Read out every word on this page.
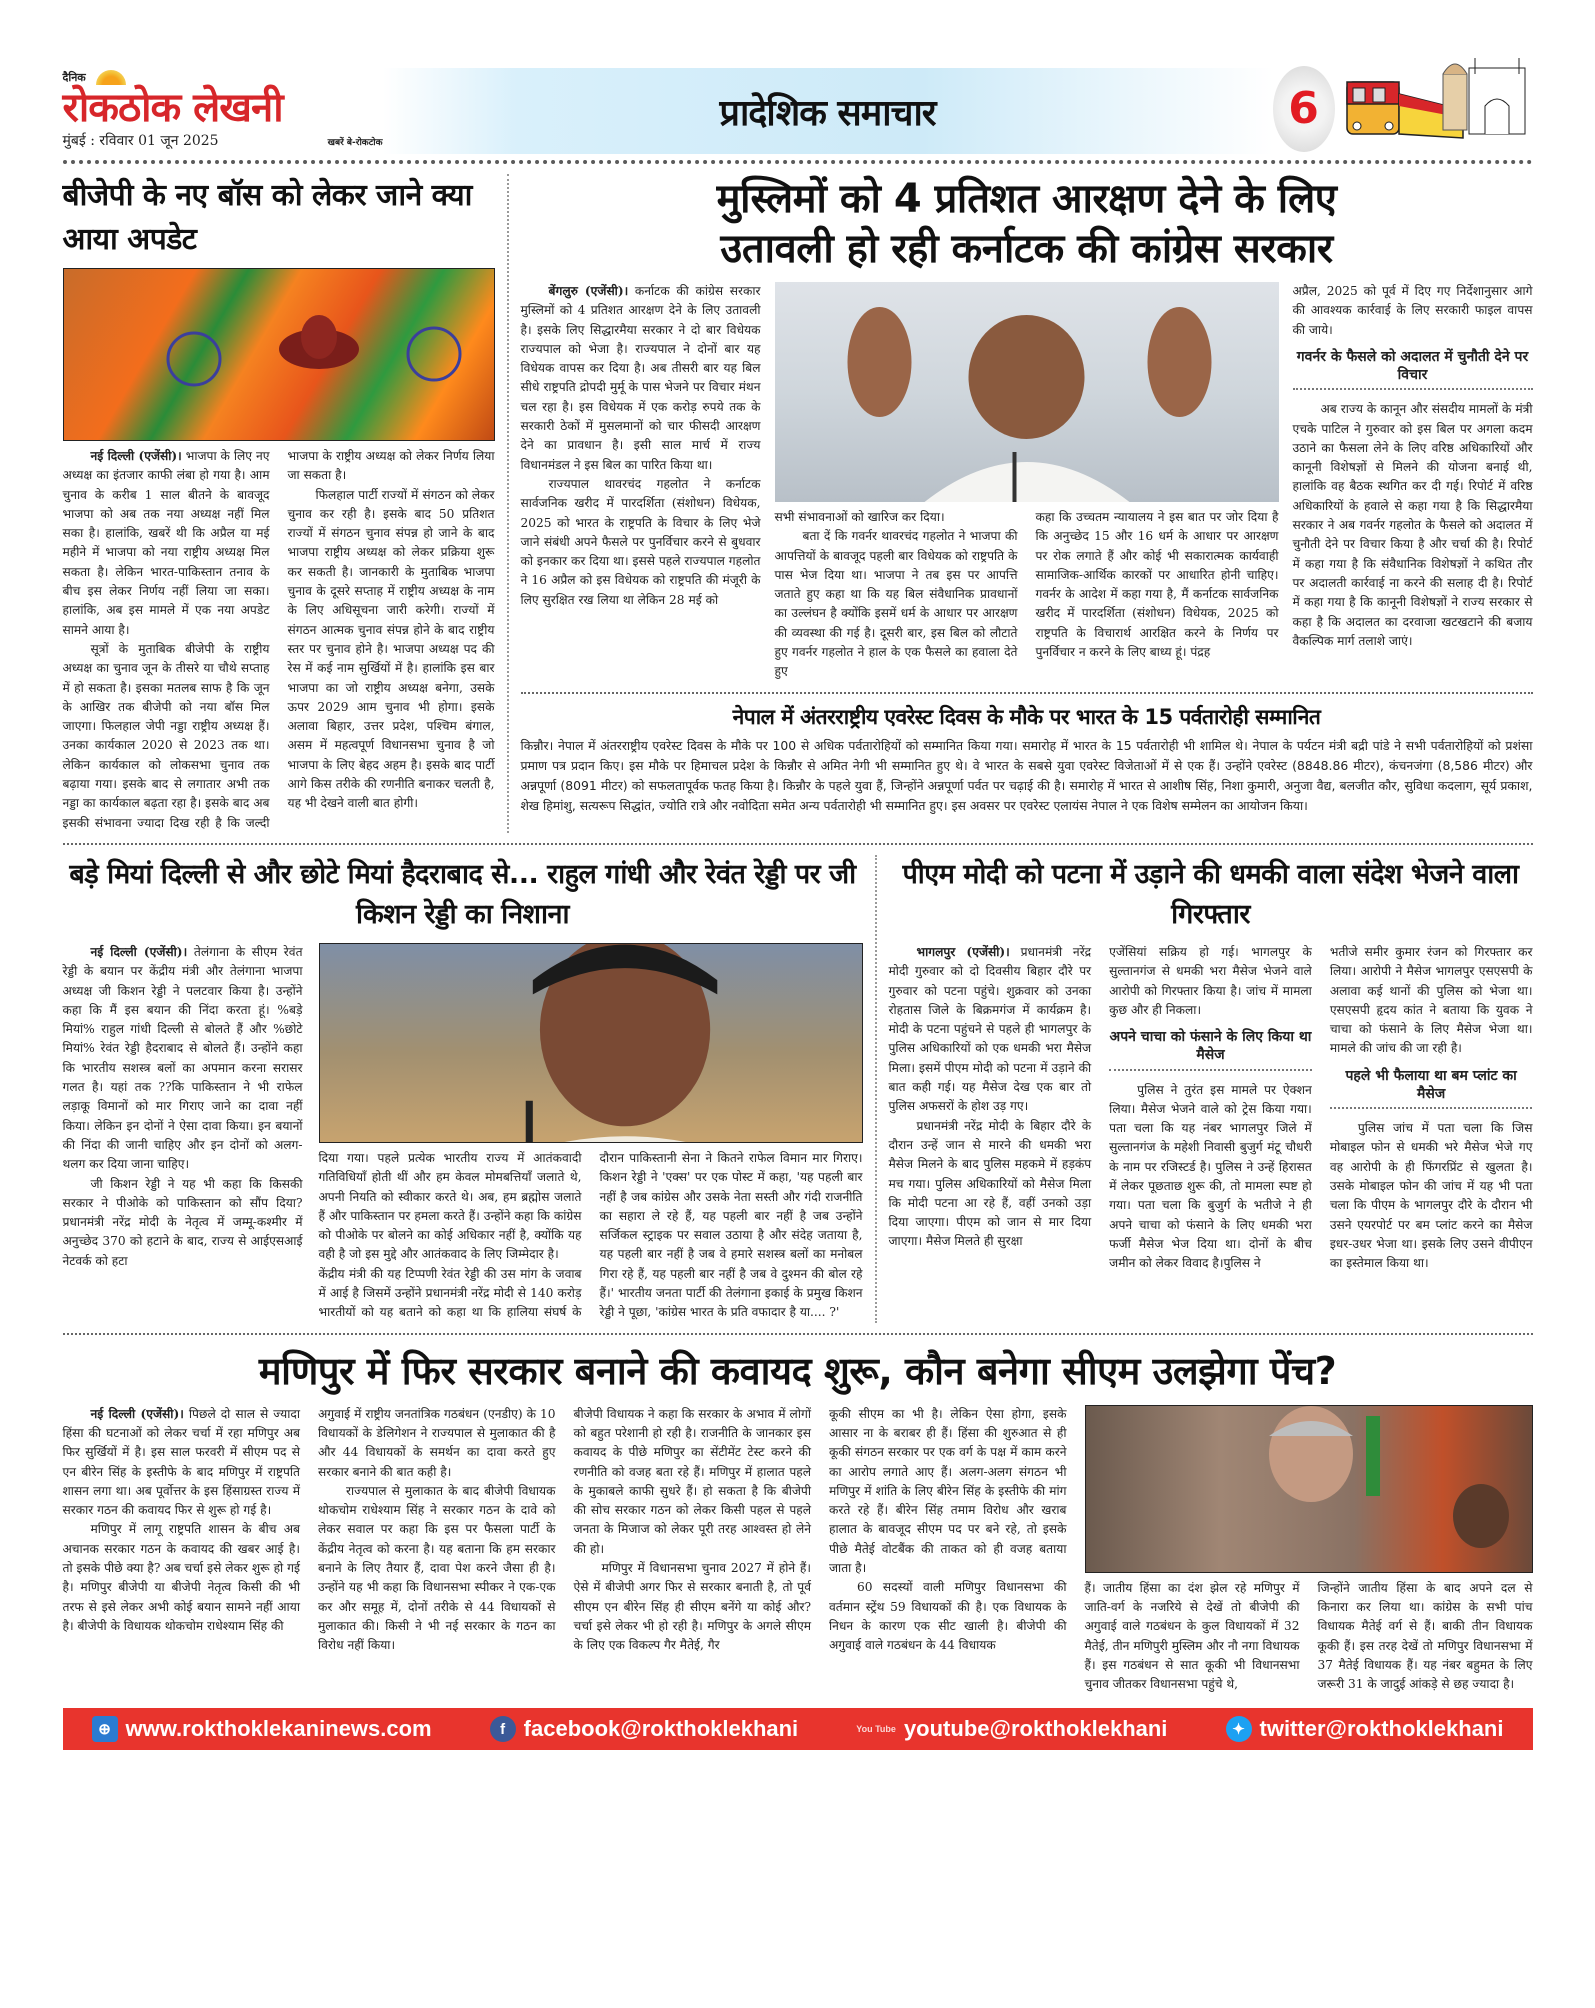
दैनिक
रोकठोक लेखनी
मुंबई : रविवार 01 जून 2025	खबरें बे-रोकटोक
प्रादेशिक समाचार	6
बीजेपी के नए बॉस को लेकर जाने क्या आया अपडेट

नई दिल्ली (एजेंसी)। भाजपा के लिए नए अध्यक्ष का इंतजार काफी लंबा हो गया है। आम चुनाव के करीब 1 साल बीतने के बावजूद भाजपा को अब तक नया अध्यक्ष नहीं मिल सका है। हालांकि, खबरें थी कि अप्रैल या मई महीने में भाजपा को नया राष्ट्रीय अध्यक्ष मिल सकता है। लेकिन भारत-पाकिस्तान तनाव के बीच इस लेकर निर्णय नहीं लिया जा सका। हालांकि, अब इस मामले में एक नया अपडेट सामने आया है।

सूत्रों के मुताबिक बीजेपी के राष्ट्रीय अध्यक्ष का चुनाव जून के तीसरे या चौथे सप्ताह में हो सकता है। इसका मतलब साफ है कि जून के आखिर तक बीजेपी को नया बॉस मिल जाएगा। फिलहाल जेपी नड्डा राष्ट्रीय अध्यक्ष हैं। उनका कार्यकाल 2020 से 2023 तक था। लेकिन कार्यकाल को लोकसभा चुनाव तक बढ़ाया गया। इसके बाद से लगातार अभी तक नड्डा का कार्यकाल बढ़ता रहा है। इसके बाद अब इसकी संभावना ज्यादा दिख रही है कि जल्दी भाजपा के राष्ट्रीय अध्यक्ष को लेकर निर्णय लिया जा सकता है।

फिलहाल पार्टी राज्यों में संगठन को लेकर चुनाव कर रही है। इसके बाद 50 प्रतिशत राज्यों में संगठन चुनाव संपन्न हो जाने के बाद भाजपा राष्ट्रीय अध्यक्ष को लेकर प्रक्रिया शुरू कर सकती है। जानकारी के मुताबिक भाजपा चुनाव के दूसरे सप्ताह में राष्ट्रीय अध्यक्ष के नाम के लिए अधिसूचना जारी करेगी। राज्यों में संगठन आत्मक चुनाव संपन्न होने के बाद राष्ट्रीय स्तर पर चुनाव होने है। भाजपा अध्यक्ष पद की रेस में कई नाम सुर्खियों में है। हालांकि इस बार भाजपा का जो राष्ट्रीय अध्यक्ष बनेगा, उसके ऊपर 2029 आम चुनाव भी होगा। इसके अलावा बिहार, उत्तर प्रदेश, पश्चिम बंगाल, असम में महत्वपूर्ण विधानसभा चुनाव है जो भाजपा के लिए बेहद अहम है। इसके बाद पार्टी आगे किस तरीके की रणनीति बनाकर चलती है, यह भी देखने वाली बात होगी।

मुस्लिमों को 4 प्रतिशत आरक्षण देने के लिए
उतावली हो रही कर्नाटक की कांग्रेस सरकार

बेंगलुरु (एजेंसी)। कर्नाटक की कांग्रेस सरकार मुस्लिमों को 4 प्रतिशत आरक्षण देने के लिए उतावली है। इसके लिए सिद्धारमैया सरकार ने दो बार विधेयक राज्यपाल को भेजा है। राज्यपाल ने दोनों बार यह विधेयक वापस कर दिया है। अब तीसरी बार यह बिल सीधे राष्ट्रपति द्रोपदी मुर्मू के पास भेजने पर विचार मंथन चल रहा है। इस विधेयक में एक करोड़ रुपये तक के सरकारी ठेकों में मुसलमानों को चार फीसदी आरक्षण देने का प्रावधान है। इसी साल मार्च में राज्य विधानमंडल ने इस बिल का पारित किया था।

राज्यपाल थावरचंद गहलोत ने कर्नाटक सार्वजनिक खरीद में पारदर्शिता (संशोधन) विधेयक, 2025 को भारत के राष्ट्रपति के विचार के लिए भेजे जाने संबंधी अपने फैसले पर पुनर्विचार करने से बुधवार को इनकार कर दिया था। इससे पहले राज्यपाल गहलोत ने 16 अप्रैल को इस विधेयक को राष्ट्रपति की मंजूरी के लिए सुरक्षित रख लिया था लेकिन 28 मई को

सभी संभावनाओं को खारिज कर दिया।

बता दें कि गवर्नर थावरचंद गहलोत ने भाजपा की आपत्तियों के बावजूद पहली बार विधेयक को राष्ट्रपति के पास भेज दिया था। भाजपा ने तब इस पर आपत्ति जताते हुए कहा था कि यह बिल संवैधानिक प्रावधानों का उल्लंघन है क्योंकि इसमें धर्म के आधार पर आरक्षण की व्यवस्था की गई है। दूसरी बार, इस बिल को लौटाते हुए गवर्नर गहलोत ने हाल के एक फैसले का हवाला देते हुए

कहा कि उच्चतम न्यायालय ने इस बात पर जोर दिया है कि अनुच्छेद 15 और 16 धर्म के आधार पर आरक्षण पर रोक लगाते हैं और कोई भी सकारात्मक कार्यवाही सामाजिक-आर्थिक कारकों पर आधारित होनी चाहिए।गवर्नर के आदेश में कहा गया है, मैं कर्नाटक सार्वजनिक खरीद में पारदर्शिता (संशोधन) विधेयक, 2025 को राष्ट्रपति के विचारार्थ आरक्षित करने के निर्णय पर पुनर्विचार न करने के लिए बाध्य हूं। पंद्रह

अप्रैल, 2025 को पूर्व में दिए गए निर्देशानुसार आगे की आवश्यक कार्रवाई के लिए सरकारी फाइल वापस की जाये।

गवर्नर के फैसले को अदालत में चुनौती देने पर विचार

अब राज्य के कानून और संसदीय मामलों के मंत्री एचके पाटिल ने गुरुवार को इस बिल पर अगला कदम उठाने का फैसला लेने के लिए वरिष्ठ अधिकारियों और कानूनी विशेषज्ञों से मिलने की योजना बनाई थी, हालांकि वह बैठक स्थगित कर दी गई। रिपोर्ट में वरिष्ठ अधिकारियों के हवाले से कहा गया है कि सिद्धारमैया सरकार ने अब गवर्नर गहलोत के फैसले को अदालत में चुनौती देने पर विचार किया है और चर्चा की है। रिपोर्ट में कहा गया है कि संवैधानिक विशेषज्ञों ने कथित तौर पर अदालती कार्रवाई ना करने की सलाह दी है। रिपोर्ट में कहा गया है कि कानूनी विशेषज्ञों ने राज्य सरकार से कहा है कि अदालत का दरवाजा खटखटाने की बजाय वैकल्पिक मार्ग तलाशे जाएं।

नेपाल में अंतरराष्ट्रीय एवरेस्ट दिवस के मौके पर भारत के 15 पर्वतारोही सम्मानित

किन्नौर। नेपाल में अंतरराष्ट्रीय एवरेस्ट दिवस के मौके पर 100 से अधिक पर्वतारोहियों को सम्मानित किया गया। समारोह में भारत के 15 पर्वतारोही भी शामिल थे। नेपाल के पर्यटन मंत्री बद्री पांडे ने सभी पर्वतारोहियों को प्रशंसा प्रमाण पत्र प्रदान किए। इस मौके पर हिमाचल प्रदेश के किन्नौर से अमित नेगी भी सम्मानित हुए थे। वे भारत के सबसे युवा एवरेस्ट विजेताओं में से एक हैं। उन्होंने एवरेस्ट (8848.86 मीटर), कंचनजंगा (8,586 मीटर) और अन्नपूर्णा (8091 मीटर) को सफलतापूर्वक फतह किया है। किन्नौर के पहले युवा हैं, जिन्होंने अन्नपूर्णा पर्वत पर चढ़ाई की है। समारोह में भारत से आशीष सिंह, निशा कुमारी, अनुजा वैद्य, बलजीत कौर, सुविधा कदलाग, सूर्य प्रकाश, शेख हिमांशु, सत्यरूप सिद्धांत, ज्योति रात्रे और नवोदिता समेत अन्य पर्वतारोही भी सम्मानित हुए। इस अवसर पर एवरेस्ट एलायंस नेपाल ने एक विशेष सम्मेलन का आयोजन किया।

बड़े मियां दिल्ली से और छोटे मियां हैदराबाद से... राहुल गांधी और रेवंत रेड्डी पर जी किशन रेड्डी का निशाना

नई दिल्ली (एजेंसी)। तेलंगाना के सीएम रेवंत रेड्डी के बयान पर केंद्रीय मंत्री और तेलंगाना भाजपा अध्यक्ष जी किशन रेड्डी ने पलटवार किया है। उन्होंने कहा कि मैं इस बयान की निंदा करता हूं। %बड़े मियां% राहुल गांधी दिल्ली से बोलते हैं और %छोटे मियां% रेवंत रेड्डी हैदराबाद से बोलते हैं। उन्होंने कहा कि भारतीय सशस्त्र बलों का अपमान करना सरासर गलत है। यहां तक ??कि पाकिस्तान ने भी राफेल लड़ाकू विमानों को मार गिराए जाने का दावा नहीं किया। लेकिन इन दोनों ने ऐसा दावा किया। इन बयानों की निंदा की जानी चाहिए और इन दोनों को अलग-थलग कर दिया जाना चाहिए।

जी किशन रेड्डी ने यह भी कहा कि किसकी सरकार ने पीओके को पाकिस्तान को सौंप दिया? प्रधानमंत्री नरेंद्र मोदी के नेतृत्व में जम्मू-कश्मीर में अनुच्छेद 370 को हटाने के बाद, राज्य से आईएसआई नेटवर्क को हटा

दिया गया। पहले प्रत्येक भारतीय राज्य में आतंकवादी गतिविधियाँ होती थीं और हम केवल मोमबत्तियाँ जलाते थे, अपनी नियति को स्वीकार करते थे। अब, हम ब्रह्मोस जलाते हैं और पाकिस्तान पर हमला करते हैं। उन्होंने कहा कि कांग्रेस को पीओके पर बोलने का कोई अधिकार नहीं है, क्योंकि यह वही है जो इस मुद्दे और आतंकवाद के लिए जिम्मेदार है।

केंद्रीय मंत्री की यह टिप्पणी रेवंत रेड्डी की उस मांग के जवाब में आई है जिसमें उन्होंने प्रधानमंत्री नरेंद्र मोदी से 140 करोड़ भारतीयों को यह बताने को कहा था कि हालिया संघर्ष के दौरान पाकिस्तानी सेना ने कितने राफेल विमान मार गिराए। किशन रेड्डी ने 'एक्स' पर एक पोस्ट में कहा, 'यह पहली बार नहीं है जब कांग्रेस और उसके नेता सस्ती और गंदी राजनीति का सहारा ले रहे हैं, यह पहली बार नहीं है जब उन्होंने सर्जिकल स्ट्राइक पर सवाल उठाया है और संदेह जताया है, यह पहली बार नहीं है जब वे हमारे सशस्त्र बलों का मनोबल गिरा रहे हैं, यह पहली बार नहीं है जब वे दुश्मन की बोल रहे हैं।' भारतीय जनता पार्टी की तेलंगाना इकाई के प्रमुख किशन रेड्डी ने पूछा, 'कांग्रेस भारत के प्रति वफादार है या.... ?'

पीएम मोदी को पटना में उड़ाने की धमकी वाला संदेश भेजने वाला गिरफ्तार

भागलपुर (एजेंसी)। प्रधानमंत्री नरेंद्र मोदी गुरुवार को दो दिवसीय बिहार दौरे पर गुरुवार को पटना पहुंचे। शुक्रवार को उनका रोहतास जिले के बिक्रमगंज में कार्यक्रम है। मोदी के पटना पहुंचने से पहले ही भागलपुर के पुलिस अधिकारियों को एक धमकी भरा मैसेज मिला। इसमें पीएम मोदी को पटना में उड़ाने की बात कही गई। यह मैसेज देख एक बार तो पुलिस अफसरों के होश उड़ गए।

प्रधानमंत्री नरेंद्र मोदी के बिहार दौरे के दौरान उन्हें जान से मारने की धमकी भरा मैसेज मिलने के बाद पुलिस महकमे में हड़कंप मच गया। पुलिस अधिकारियों को मैसेज मिला कि मोदी पटना आ रहे हैं, वहीं उनको उड़ा दिया जाएगा। पीएम को जान से मार दिया जाएगा। मैसेज मिलते ही सुरक्षा

एजेंसियां सक्रिय हो गई। भागलपुर के सुल्तानगंज से धमकी भरा मैसेज भेजने वाले आरोपी को गिरफ्तार किया है। जांच में मामला कुछ और ही निकला।

अपने चाचा को फंसाने के लिए किया था मैसेज

पुलिस ने तुरंत इस मामले पर ऐक्शन लिया। मैसेज भेजने वाले को ट्रेस किया गया। पता चला कि यह नंबर भागलपुर जिले में सुल्तानगंज के महेशी निवासी बुजुर्ग मंटू चौधरी के नाम पर रजिस्टर्ड है। पुलिस ने उन्हें हिरासत में लेकर पूछताछ शुरू की, तो मामला स्पष्ट हो गया। पता चला कि बुजुर्ग के भतीजे ने ही अपने चाचा को फंसाने के लिए धमकी भरा फर्जी मैसेज भेज दिया था। दोनों के बीच जमीन को लेकर विवाद है।पुलिस ने

भतीजे समीर कुमार रंजन को गिरफ्तार कर लिया। आरोपी ने मैसेज भागलपुर एसएसपी के अलावा कई थानों की पुलिस को भेजा था। एसएसपी हृदय कांत ने बताया कि युवक ने चाचा को फंसाने के लिए मैसेज भेजा था। मामले की जांच की जा रही है।

पहले भी फैलाया था बम प्लांट का मैसेज

पुलिस जांच में पता चला कि जिस मोबाइल फोन से धमकी भरे मैसेज भेजे गए वह आरोपी के ही फिंगरप्रिंट से खुलता है। उसके मोबाइल फोन की जांच में यह भी पता चला कि पीएम के भागलपुर दौरे के दौरान भी उसने एयरपोर्ट पर बम प्लांट करने का मैसेज इधर-उधर भेजा था। इसके लिए उसने वीपीएन का इस्तेमाल किया था।

मणिपुर में फिर सरकार बनाने की कवायद शुरू, कौन बनेगा सीएम उलझेगा पेंच?

नई दिल्ली (एजेंसी)। पिछले दो साल से ज्यादा हिंसा की घटनाओं को लेकर चर्चा में रहा मणिपुर अब फिर सुर्खियों में है। इस साल फरवरी में सीएम पद से एन बीरेन सिंह के इस्तीफे के बाद मणिपुर में राष्ट्रपति शासन लगा था। अब पूर्वोत्तर के इस हिंसाग्रस्त राज्य में सरकार गठन की कवायद फिर से शुरू हो गई है।

मणिपुर में लागू राष्ट्रपति शासन के बीच अब अचानक सरकार गठन के कवायद की खबर आई है। तो इसके पीछे क्या है? अब चर्चा इसे लेकर शुरू हो गई है। मणिपुर बीजेपी या बीजेपी नेतृत्व किसी की भी तरफ से इसे लेकर अभी कोई बयान सामने नहीं आया है। बीजेपी के विधायक थोकचोम राधेश्याम सिंह की

अगुवाई में राष्ट्रीय जनतांत्रिक गठबंधन (एनडीए) के 10 विधायकों के डेलिगेशन ने राज्यपाल से मुलाकात की है और 44 विधायकों के समर्थन का दावा करते हुए सरकार बनाने की बात कही है।

राज्यपाल से मुलाकात के बाद बीजेपी विधायक थोकचोम राधेश्याम सिंह ने सरकार गठन के दावे को लेकर सवाल पर कहा कि इस पर फैसला पार्टी के केंद्रीय नेतृत्व को करना है। यह बताना कि हम सरकार बनाने के लिए तैयार हैं, दावा पेश करने जैसा ही है। उन्होंने यह भी कहा कि विधानसभा स्पीकर ने एक-एक कर और समूह में, दोनों तरीके से 44 विधायकों से मुलाकात की। किसी ने भी नई सरकार के गठन का विरोध नहीं किया।

बीजेपी विधायक ने कहा कि सरकार के अभाव में लोगों को बहुत परेशानी हो रही है। राजनीति के जानकार इस कवायद के पीछे मणिपुर का सेंटीमेंट टेस्ट करने की रणनीति को वजह बता रहे हैं। मणिपुर में हालात पहले के मुकाबले काफी सुधरे हैं। हो सकता है कि बीजेपी की सोच सरकार गठन को लेकर किसी पहल से पहले जनता के मिजाज को लेकर पूरी तरह आश्वस्त हो लेने की हो।

मणिपुर में विधानसभा चुनाव 2027 में होने हैं। ऐसे में बीजेपी अगर फिर से सरकार बनाती है, तो पूर्व सीएम एन बीरेन सिंह ही सीएम बनेंगे या कोई और? चर्चा इसे लेकर भी हो रही है। मणिपुर के अगले सीएम के लिए एक विकल्प गैर मैतेई, गैर

कूकी सीएम का भी है। लेकिन ऐसा होगा, इसके आसार ना के बराबर ही हैं। हिंसा की शुरुआत से ही कूकी संगठन सरकार पर एक वर्ग के पक्ष में काम करने का आरोप लगाते आए हैं। अलग-अलग संगठन भी मणिपुर में शांति के लिए बीरेन सिंह के इस्तीफे की मांग करते रहे हैं। बीरेन सिंह तमाम विरोध और खराब हालात के बावजूद सीएम पद पर बने रहे, तो इसके पीछे मैतेई वोटबैंक की ताकत को ही वजह बताया जाता है।

60 सदस्यों वाली मणिपुर विधानसभा की वर्तमान स्ट्रेंथ 59 विधायकों की है। एक विधायक के निधन के कारण एक सीट खाली है। बीजेपी की अगुवाई वाले गठबंधन के 44 विधायक

हैं। जातीय हिंसा का दंश झेल रहे मणिपुर में जाति-वर्ग के नजरिये से देखें तो बीजेपी की अगुवाई वाले गठबंधन के कुल विधायकों में 32 मैतेई, तीन मणिपुरी मुस्लिम और नौ नगा विधायक हैं। इस गठबंधन से सात कूकी भी विधानसभा चुनाव जीतकर विधानसभा पहुंचे थे,

जिन्होंने जातीय हिंसा के बाद अपने दल से किनारा कर लिया था। कांग्रेस के सभी पांच विधायक मैतेई वर्ग से हैं। बाकी तीन विधायक कूकी हैं। इस तरह देखें तो मणिपुर विधानसभा में 37 मैतेई विधायक हैं। यह नंबर बहुमत के लिए जरूरी 31 के जादुई आंकड़े से छह ज्यादा है।

⊕ www.rokthoklekaninews.com	f facebook@rokthoklekhani	You Tube youtube@rokthoklekhani	✦ twitter@rokthoklekhani
